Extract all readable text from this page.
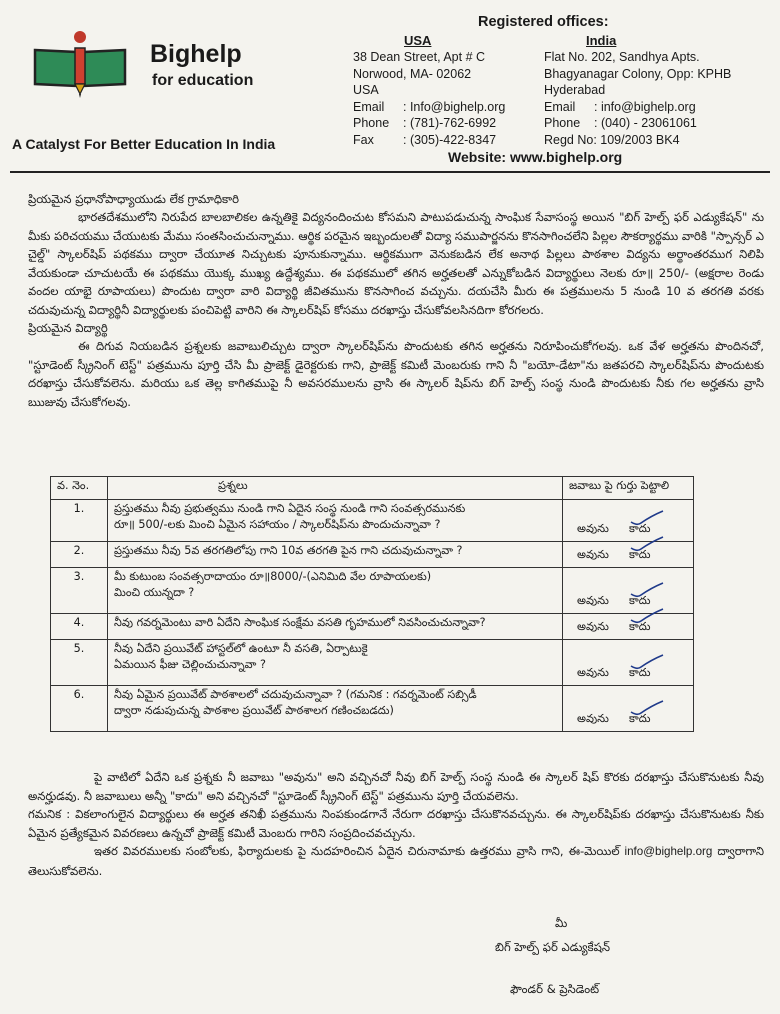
Bighelp
for education
A Catalyst For Better Education In India
Registered offices:
USA
38 Dean Street, Apt # C
Norwood, MA- 02062
USA
Email : Info@bighelp.org
Phone : (781)-762-6992
Fax : (305)-422-8347
India
Flat No. 202, Sandhya Apts.
Bhagyanagar Colony, Opp: KPHB
Hyderabad
Email : info@bighelp.org
Phone : (040) - 23061061
Regd No: 109/2003 BK4
Website: www.bighelp.org
ప్రియమైన ప్రధానోపాధ్యాయుడు లేక గ్రామాధికారి

భారతదేశములోని నిరుపేద బాలబాలికల ఉన్నతికై విద్యనందించుట కోసమని పాటుపడుచున్న సాంఘిక సేవాసంస్థ అయిన "బిగ్ హెల్ప్ ఫర్ ఎడ్యుకేషన్" ను మీకు పరిచయము చేయుటకు మేము సంతసించుచున్నాము. ఆర్థిక పరమైన ఇబ్బందులతో విద్యా సముపార్జనను కొనసాగించలేని పిల్లల సౌకర్యార్థము వారికి "స్పాన్సర్ ఎ చైల్డ్" స్కాలర్‌షిప్ పథకము ద్వారా చేయూత నిచ్చుటకు పూనుకున్నాము. ఆర్థికముగా వెనుకబడిన లేక అనాథ పిల్లలు పాఠశాల విద్యను అర్థాంతరముగ నిలిపి వేయకుండా చూచుటయే ఈ పథకము యొక్క ముఖ్య ఉద్దేశ్యము. ఈ పథకములో తగిన అర్హతలతో ఎన్నుకోబడిన విద్యార్థులు నెలకు రూ॥ 250/- (అక్షరాల రెండు వందల యాభై రూపాయలు) పొందుట ద్వారా వారి విద్యార్థి జీవితమును కొనసాగించ వచ్చును. దయచేసి మీరు ఈ పత్రములను 5 నుండి 10 వ తరగతి వరకు చదువుచున్న విద్యార్థినీ విద్యార్థులకు పంచిపెట్టి వారిని ఈ స్కాలర్‌షిప్ కోసము దరఖాస్తు చేసుకోవలసినదిగా కోరగలరు.

ప్రియమైన విద్యార్థి

ఈ దిగువ నియబడిన ప్రశ్నలకు జవాబులిచ్చుట ద్వారా స్కాలర్‌షిప్‌ను పొందుటకు తగిన అర్హతను నిరూపించుకోగలవు. ఒక వేళ అర్హతను పొందినచో, "స్టూడెంట్ స్క్రీనింగ్ టెస్ట్" పత్రమును పూర్తి చేసి మీ ప్రాజెక్ట్ డైరెక్టరుకు గాని, ప్రాజెక్ట్ కమిటీ మెంబరుకు గాని నీ "బయో-డేటా"ను జతపరచి స్కాలర్‌షిప్‌ను పొందుటకు దరఖాస్తు చేసుకోవలెను. మరియు ఒక తెల్ల కాగితముపై నీ అవసరములను వ్రాసి ఈ స్కాలర్ షిప్‌ను బిగ్ హెల్ప్ సంస్థ నుండి పొందుటకు నీకు గల అర్హతను వ్రాసి ఋజువు చేసుకోగలవు.

వ. నెం.	ప్రశ్నలు	జవాబు పై గుర్తు పెట్టాలి
1.	ప్రస్తుతము నీవు ప్రభుత్వము నుండి గాని ఏదైన సంస్థ నుండి గాని సంవత్సరమునకు
రూ॥ 500/-లకు మించి ఏమైన సహాయం / స్కాలర్‌షిప్‌ను పొందుచున్నావా ?	అవును కాదు

2.	ప్రస్తుతము నీవు 5వ తరగతిలోపు గాని 10వ తరగతి పైన గాని చదువుచున్నావా ?	అవును కాదు

3.	మీ కుటుంబ సంవత్సరాదాయం రూ॥8000/-(ఎనిమిది వేల రూపాయలకు)
మించి యున్నదా ?	అవును కాదు

4.	నీవు గవర్నమెంటు వారి ఏదేని సాంఘిక సంక్షేమ వసతి గృహములో నివసించుచున్నావా?	అవును కాదు

5.	నీవు ఏదేని ప్రయివేట్ హాస్టల్‌లో ఉంటూ నీ వసతి, ఏర్పాటుకై
ఏమయిన ఫీజు చెల్లించుచున్నావా ?	అవును కాదు

6.	నీవు ఏమైన ప్రయివేట్ పాఠశాలలో చదువుచున్నావా ? (గమనిక : గవర్నమెంట్ సబ్సిడీ
ద్వారా నడుపుచున్న పాఠశాల ప్రయివేట్ పాఠశాలగ గణించబడదు)	అవును కాదు

పై వాటిలో ఏదేని ఒక ప్రశ్నకు నీ జవాబు "అవును" అని వచ్చినచో నీవు బిగ్ హెల్ప్ సంస్థ నుండి ఈ స్కాలర్ షిప్ కొరకు దరఖాస్తు చేసుకొనుటకు నీవు అనర్హుడవు. నీ జవాబులు అన్నీ "కాదు" అని వచ్చినచో "స్టూడెంట్ స్క్రీనింగ్ టెస్ట్" పత్రమును పూర్తి చేయవలెను.

గమనిక : వికలాంగులైన విద్యార్థులు ఈ అర్హత తనిఖీ పత్రమును నింపకుండగానే నేరుగా దరఖాస్తు చేసుకొనవచ్చును. ఈ స్కాలర్‌షిప్‌కు దరఖాస్తు చేసుకొనుటకు నీకు ఏమైన ప్రత్యేకమైన వివరణలు ఉన్నచో ప్రాజెక్ట్ కమిటీ మెంబరు గారిని సంప్రదించవచ్చును.

ఇతర వివరములకు సంబోలకు, ఫిర్యాదులకు పై నుదహరించిన ఏదైన చిరునామాకు ఉత్తరము వ్రాసి గాని, ఈ-మెయిల్ info@bighelp.org ద్వారాగాని తెలుసుకోవలెను.

మీ
బిగ్ హెల్ప్ ఫర్ ఎడ్యుకేషన్
ఫౌండర్ & ప్రెసిడెంట్
